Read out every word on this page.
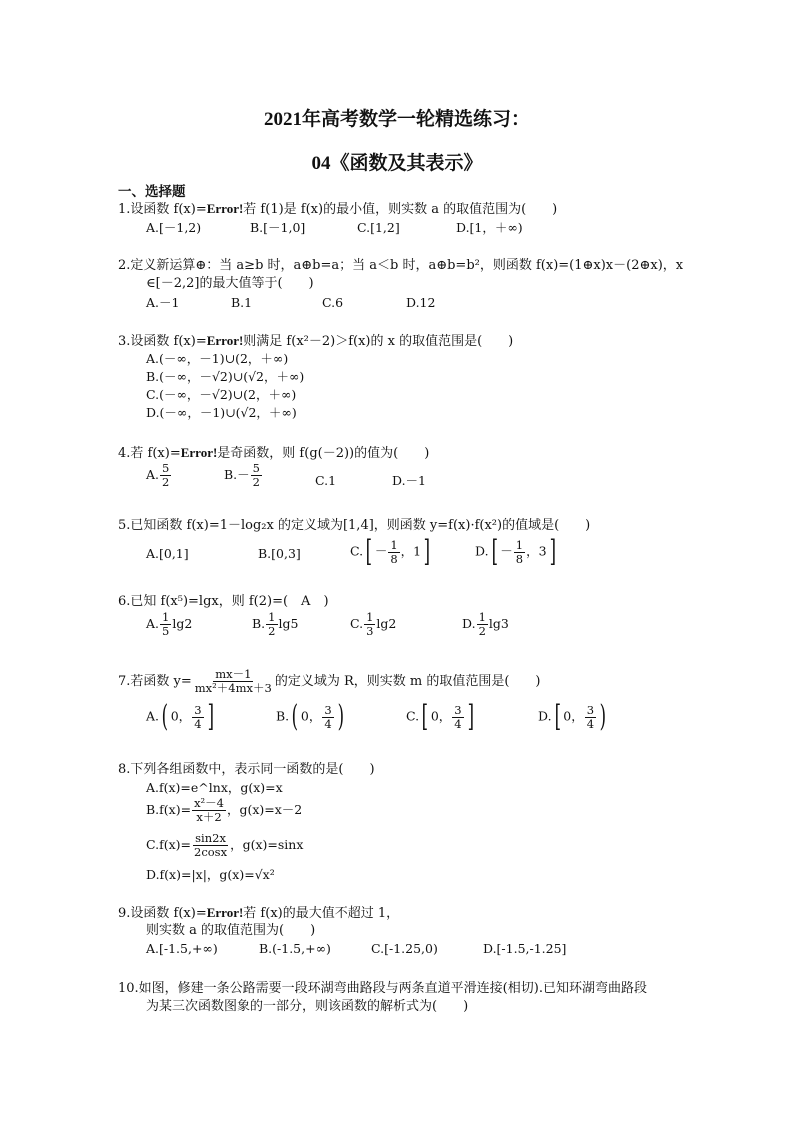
2021年高考数学一轮精选练习：
04《函数及其表示》
一、选择题
1.设函数 f(x)=Error!若 f(1)是 f(x)的最小值，则实数 a 的取值范围为(　　)
A.[－1,2)	B.[－1,0]	C.[1,2]	D.[1，＋∞)
2.定义新运算⊕：当 a≥b 时，a⊕b=a；当 a＜b 时，a⊕b=b²，则函数 f(x)=(1⊕x)x－(2⊕x)，x
∈[－2,2]的最大值等于(　　)
A.－1	B.1	C.6	D.12
3.设函数 f(x)=Error!则满足 f(x²－2)＞f(x)的 x 的取值范围是(　　)
A.(－∞，－1)∪(2，＋∞)
B.(－∞，－√2)∪(√2，＋∞)
C.(－∞，－√2)∪(2，＋∞)
D.(－∞，－1)∪(√2，＋∞)
4.若 f(x)=Error!是奇函数，则 f(g(－2))的值为(　　)
A. $\frac{5}{2}$	$B.- \frac{5}{2}$	C.1	D.－1
5.已知函数 f(x)=1－log₂x 的定义域为[1,4]，则函数 y=f(x)·f(x²)的值域是(　　)
A.[0,1]	B.[0,3]	$C.[ - \frac{1}{8}$ ，1]	$D.[ - \frac{1}{8}$ ，3]
6.已知 f(x⁵)=lgx，则 f(2)=(　A　)
A. $\frac{1}{5} \lg 2$	B. $\frac{1}{2} \lg 5$	C. $\frac{1}{3} \lg 2$	D. $\frac{1}{2} \lg 3$
7.若函数 $y= \frac{mx-1}{\text{mx²＋4mx＋3}}$ 的定义域为 R，则实数 m 的取值范围是(　　)
A.( 0， $\frac{3}{4}$ ]	B.( 0， $\frac{3}{4}$ )	C.[ 0， $\frac{3}{4}$ ]	D.[ 0， $\frac{3}{4}$ )
8.下列各组函数中，表示同一函数的是(　　)
A.f(x)=e^lnx，g(x)=x
$B.f(x)= \frac{\text{x²－4}}{x+2}$ ，g(x)=x－2
$C.f(x)= \frac{\sin 2x}{2\cos x}$ ，g(x)=sinx
D.f(x)=|x|，g(x)=√x²
9.设函数 f(x)=Error!若 f(x)的最大值不超过 1，
则实数 a 的取值范围为(　　)
A.[-1.5,+∞)	B.(-1.5,+∞)	C.[-1.25,0)	D.[-1.5,-1.25]
10.如图，修建一条公路需要一段环湖弯曲路段与两条直道平滑连接(相切).已知环湖弯曲路段
为某三次函数图象的一部分，则该函数的解析式为(　　)
